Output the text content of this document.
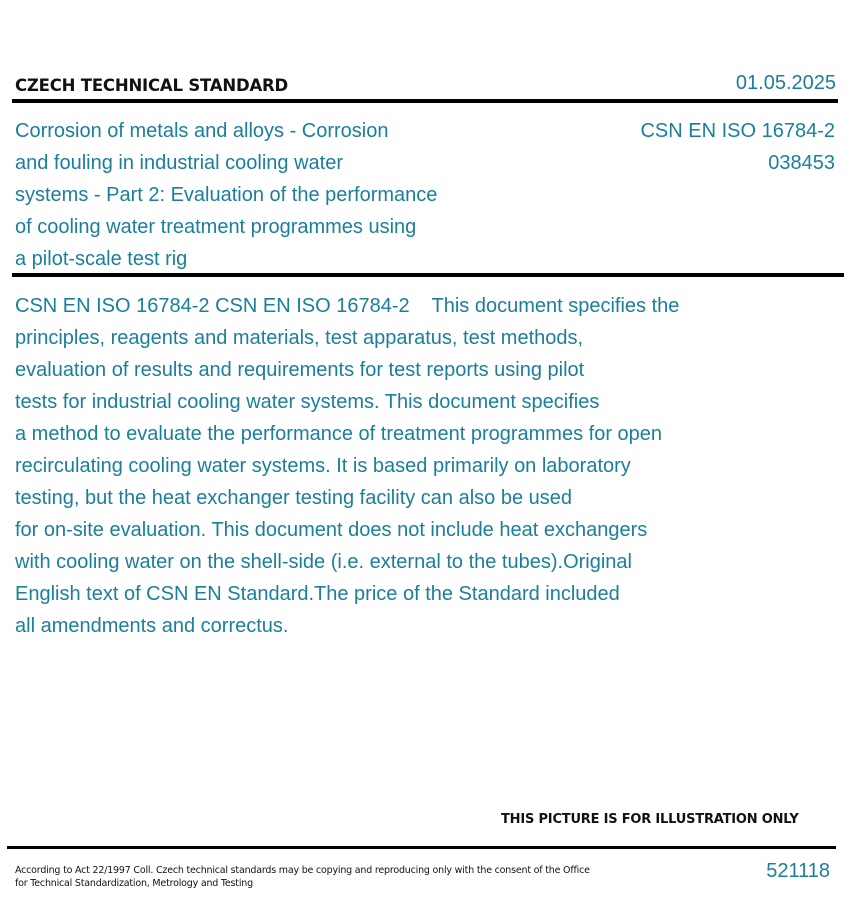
CZECH TECHNICAL STANDARD	01.05.2025
Corrosion of metals and alloys - Corrosion
and fouling in industrial cooling water
systems - Part 2: Evaluation of the performance
of cooling water treatment programmes using
a pilot-scale test rig
CSN EN ISO 16784-2
038453
CSN EN ISO 16784-2 CSN EN ISO 16784-2    This document specifies the
principles, reagents and materials, test apparatus, test methods,
evaluation of results and requirements for test reports using pilot
tests for industrial cooling water systems. This document specifies
a method to evaluate the performance of treatment programmes for open
recirculating cooling water systems. It is based primarily on laboratory
testing, but the heat exchanger testing facility can also be used
for on-site evaluation. This document does not include heat exchangers
with cooling water on the shell-side (i.e. external to the tubes).Original
English text of CSN EN Standard.The price of the Standard included
all amendments and correctus.
THIS PICTURE IS FOR ILLUSTRATION ONLY
According to Act 22/1997 Coll. Czech technical standards may be copying and reproducing only with the consent of the Office
for Technical Standardization, Metrology and Testing
521118
